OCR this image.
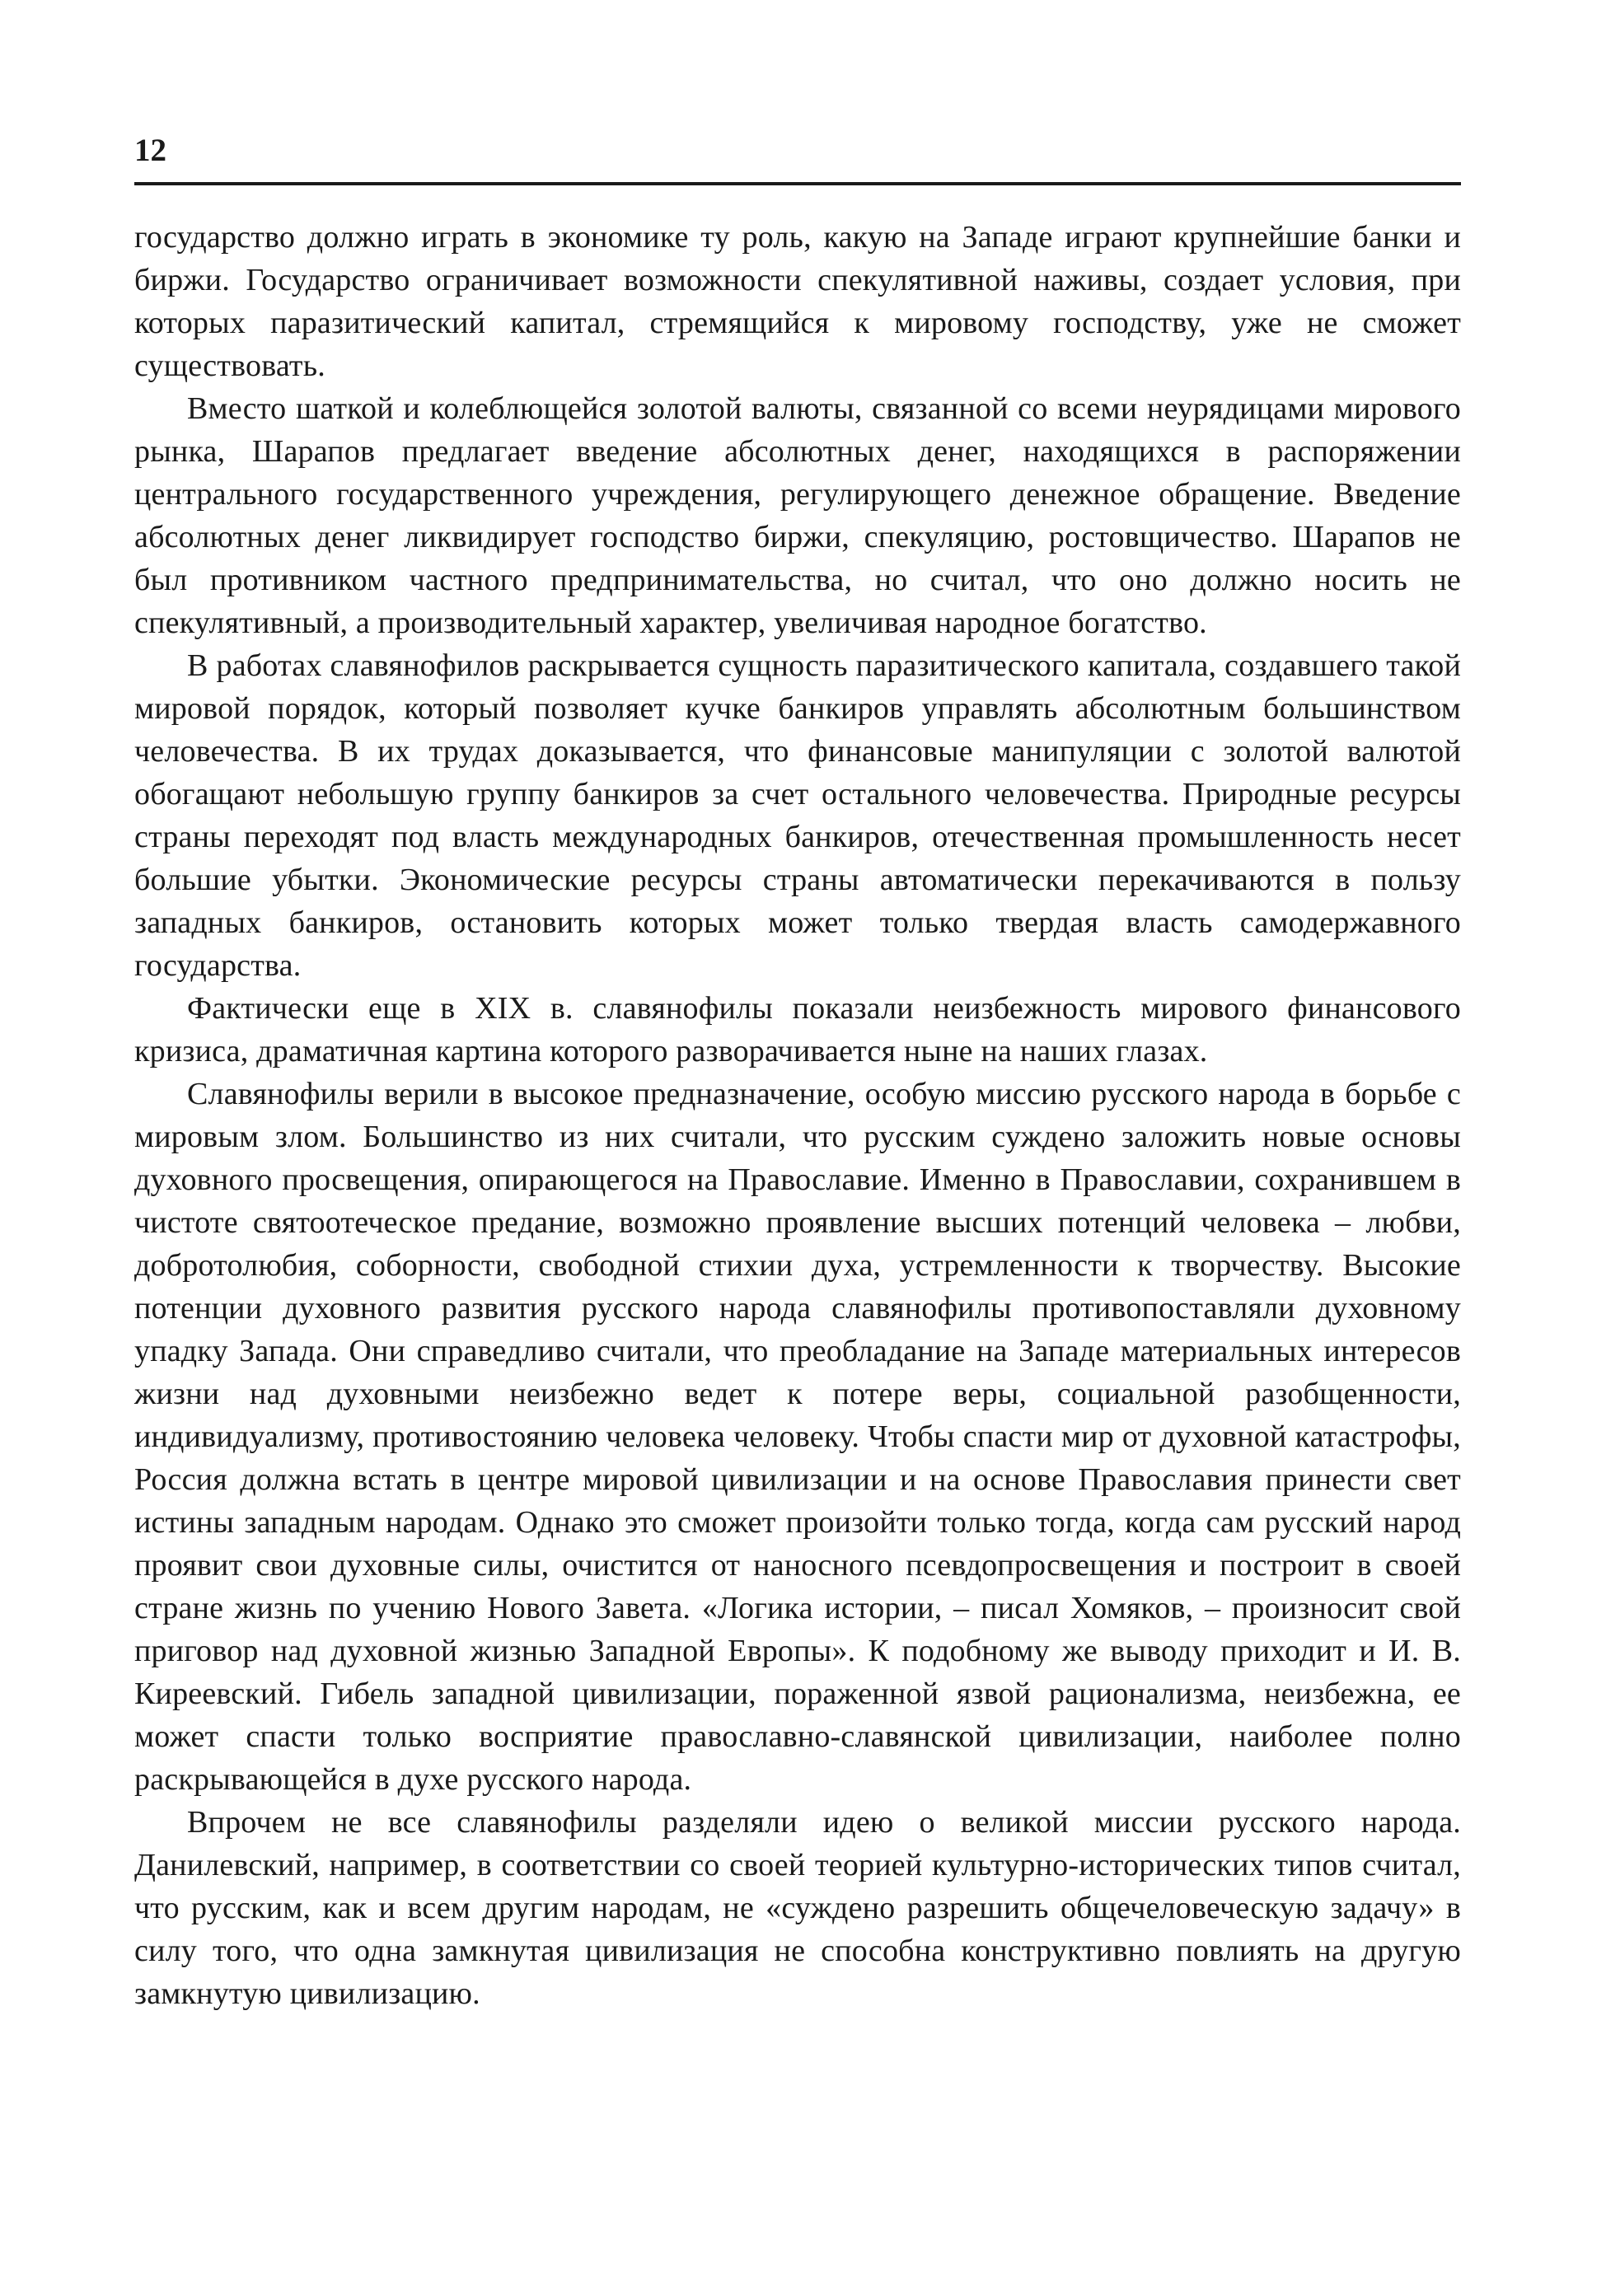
12

государство должно играть в экономике ту роль, какую на Западе играют крупнейшие банки и биржи. Государство ограничивает возможности спекулятивной наживы, создает условия, при которых паразитический капитал, стремящийся к мировому господству, уже не сможет существовать.

Вместо шаткой и колеблющейся золотой валюты, связанной со всеми неурядицами мирового рынка, Шарапов предлагает введение абсолютных денег, находящихся в распоряжении центрального государственного учреждения, регулирующего денежное обращение. Введение абсолютных денег ликвидирует господство биржи, спекуляцию, ростовщичество. Шарапов не был противником частного предпринимательства, но считал, что оно должно носить не спекулятивный, а производительный характер, увеличивая народное богатство.

В работах славянофилов раскрывается сущность паразитического капитала, создавшего такой мировой порядок, который позволяет кучке банкиров управлять абсолютным большинством человечества. В их трудах доказывается, что финансовые манипуляции с золотой валютой обогащают небольшую группу банкиров за счет остального человечества. Природные ресурсы страны переходят под власть международных банкиров, отечественная промышленность несет большие убытки. Экономические ресурсы страны автоматически перекачиваются в пользу западных банкиров, остановить которых может только твердая власть самодержавного государства.

Фактически еще в XIX в. славянофилы показали неизбежность мирового финансового кризиса, драматичная картина которого разворачивается ныне на наших глазах.

Славянофилы верили в высокое предназначение, особую миссию русского народа в борьбе с мировым злом. Большинство из них считали, что русским суждено заложить новые основы духовного просвещения, опирающегося на Православие. Именно в Православии, сохранившем в чистоте святоотеческое предание, возможно проявление высших потенций человека – любви, добротолюбия, соборности, свободной стихии духа, устремленности к творчеству. Высокие потенции духовного развития русского народа славянофилы противопоставляли духовному упадку Запада. Они справедливо считали, что преобладание на Западе материальных интересов жизни над духовными неизбежно ведет к потере веры, социальной разобщенности, индивидуализму, противостоянию человека человеку. Чтобы спасти мир от духовной катастрофы, Россия должна встать в центре мировой цивилизации и на основе Православия принести свет истины западным народам. Однако это сможет произойти только тогда, когда сам русский народ проявит свои духовные силы, очистится от наносного псевдопросвещения и построит в своей стране жизнь по учению Нового Завета. «Логика истории, – писал Хомяков, – произносит свой приговор над духовной жизнью Западной Европы». К подобному же выводу приходит и И. В. Киреевский. Гибель западной цивилизации, пораженной язвой рационализма, неизбежна, ее может спасти только восприятие православно-славянской цивилизации, наиболее полно раскрывающейся в духе русского народа.

Впрочем не все славянофилы разделяли идею о великой миссии русского народа. Данилевский, например, в соответствии со своей теорией культурно-исторических типов считал, что русским, как и всем другим народам, не «суждено разрешить общечеловеческую задачу» в силу того, что одна замкнутая цивилизация не способна конструктивно повлиять на другую замкнутую цивилизацию.
